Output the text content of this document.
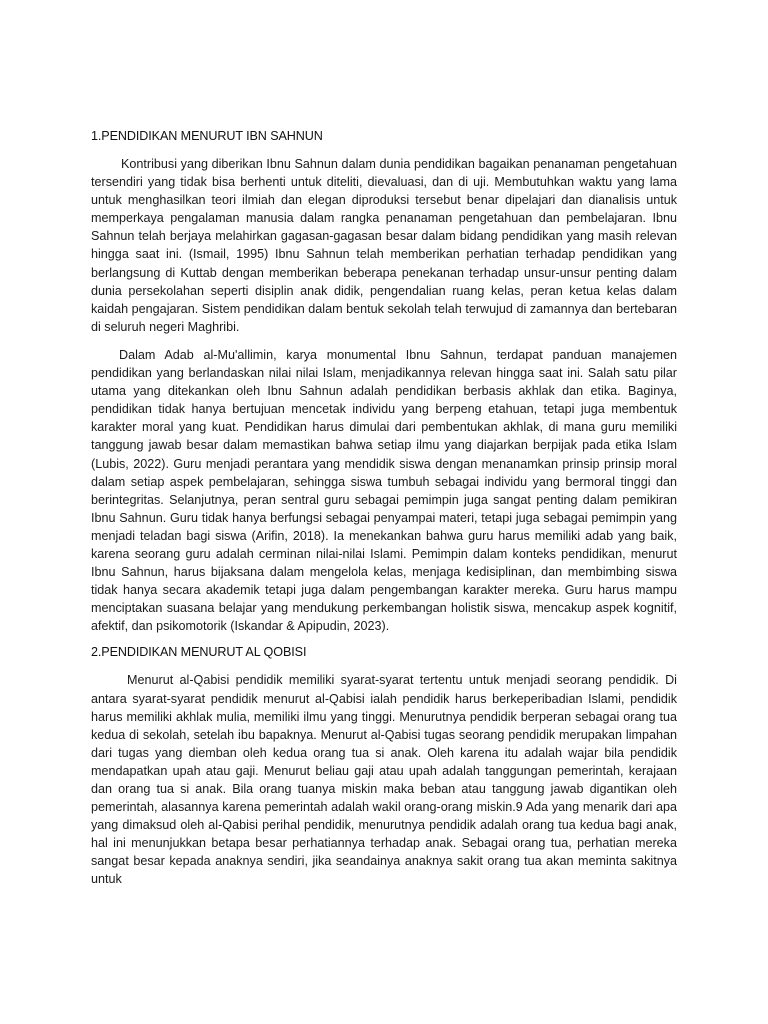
1.PENDIDIKAN MENURUT IBN SAHNUN

Kontribusi yang diberikan Ibnu Sahnun dalam dunia pendidikan bagaikan penanaman pengetahuan tersendiri yang tidak bisa berhenti untuk diteliti, dievaluasi, dan di uji. Membutuhkan waktu yang lama untuk menghasilkan teori ilmiah dan elegan diproduksi tersebut benar dipelajari dan dianalisis untuk memperkaya pengalaman manusia dalam rangka penanaman pengetahuan dan pembelajaran. Ibnu Sahnun telah berjaya melahirkan gagasan-gagasan besar dalam bidang pendidikan yang masih relevan hingga saat ini. (Ismail, 1995) Ibnu Sahnun telah memberikan perhatian terhadap pendidikan yang berlangsung di Kuttab dengan memberikan beberapa penekanan terhadap unsur-unsur penting dalam dunia persekolahan seperti disiplin anak didik, pengendalian ruang kelas, peran ketua kelas dalam kaidah pengajaran. Sistem pendidikan dalam bentuk sekolah telah terwujud di zamannya dan bertebaran di seluruh negeri Maghribi.

Dalam Adab al-Mu'allimin, karya monumental Ibnu Sahnun, terdapat panduan manajemen pendidikan yang berlandaskan nilai nilai Islam, menjadikannya relevan hingga saat ini. Salah satu pilar utama yang ditekankan oleh Ibnu Sahnun adalah pendidikan berbasis akhlak dan etika. Baginya, pendidikan tidak hanya bertujuan mencetak individu yang berpeng etahuan, tetapi juga membentuk karakter moral yang kuat. Pendidikan harus dimulai dari pembentukan akhlak, di mana guru memiliki tanggung jawab besar dalam memastikan bahwa setiap ilmu yang diajarkan berpijak pada etika Islam (Lubis, 2022). Guru menjadi perantara yang mendidik siswa dengan menanamkan prinsip prinsip moral dalam setiap aspek pembelajaran, sehingga siswa tumbuh sebagai individu yang bermoral tinggi dan berintegritas. Selanjutnya, peran sentral guru sebagai pemimpin juga sangat penting dalam pemikiran Ibnu Sahnun. Guru tidak hanya berfungsi sebagai penyampai materi, tetapi juga sebagai pemimpin yang menjadi teladan bagi siswa (Arifin, 2018). Ia menekankan bahwa guru harus memiliki adab yang baik, karena seorang guru adalah cerminan nilai-nilai Islami. Pemimpin dalam konteks pendidikan, menurut Ibnu Sahnun, harus bijaksana dalam mengelola kelas, menjaga kedisiplinan, dan membimbing siswa tidak hanya secara akademik tetapi juga dalam pengembangan karakter mereka. Guru harus mampu menciptakan suasana belajar yang mendukung perkembangan holistik siswa, mencakup aspek kognitif, afektif, dan psikomotorik (Iskandar & Apipudin, 2023).

2.PENDIDIKAN MENURUT AL QOBISI

Menurut al-Qabisi pendidik memiliki syarat-syarat tertentu untuk menjadi seorang pendidik. Di antara syarat-syarat pendidik menurut al-Qabisi ialah pendidik harus berkeperibadian Islami, pendidik harus memiliki akhlak mulia, memiliki ilmu yang tinggi. Menurutnya pendidik berperan sebagai orang tua kedua di sekolah, setelah ibu bapaknya. Menurut al-Qabisi tugas seorang pendidik merupakan limpahan dari tugas yang diemban oleh kedua orang tua si anak. Oleh karena itu adalah wajar bila pendidik mendapatkan upah atau gaji. Menurut beliau gaji atau upah adalah tanggungan pemerintah, kerajaan dan orang tua si anak. Bila orang tuanya miskin maka beban atau tanggung jawab digantikan oleh pemerintah, alasannya karena pemerintah adalah wakil orang-orang miskin.9 Ada yang menarik dari apa yang dimaksud oleh al-Qabisi perihal pendidik, menurutnya pendidik adalah orang tua kedua bagi anak, hal ini menunjukkan betapa besar perhatiannya terhadap anak. Sebagai orang tua, perhatian mereka sangat besar kepada anaknya sendiri, jika seandainya anaknya sakit orang tua akan meminta sakitnya untuk
